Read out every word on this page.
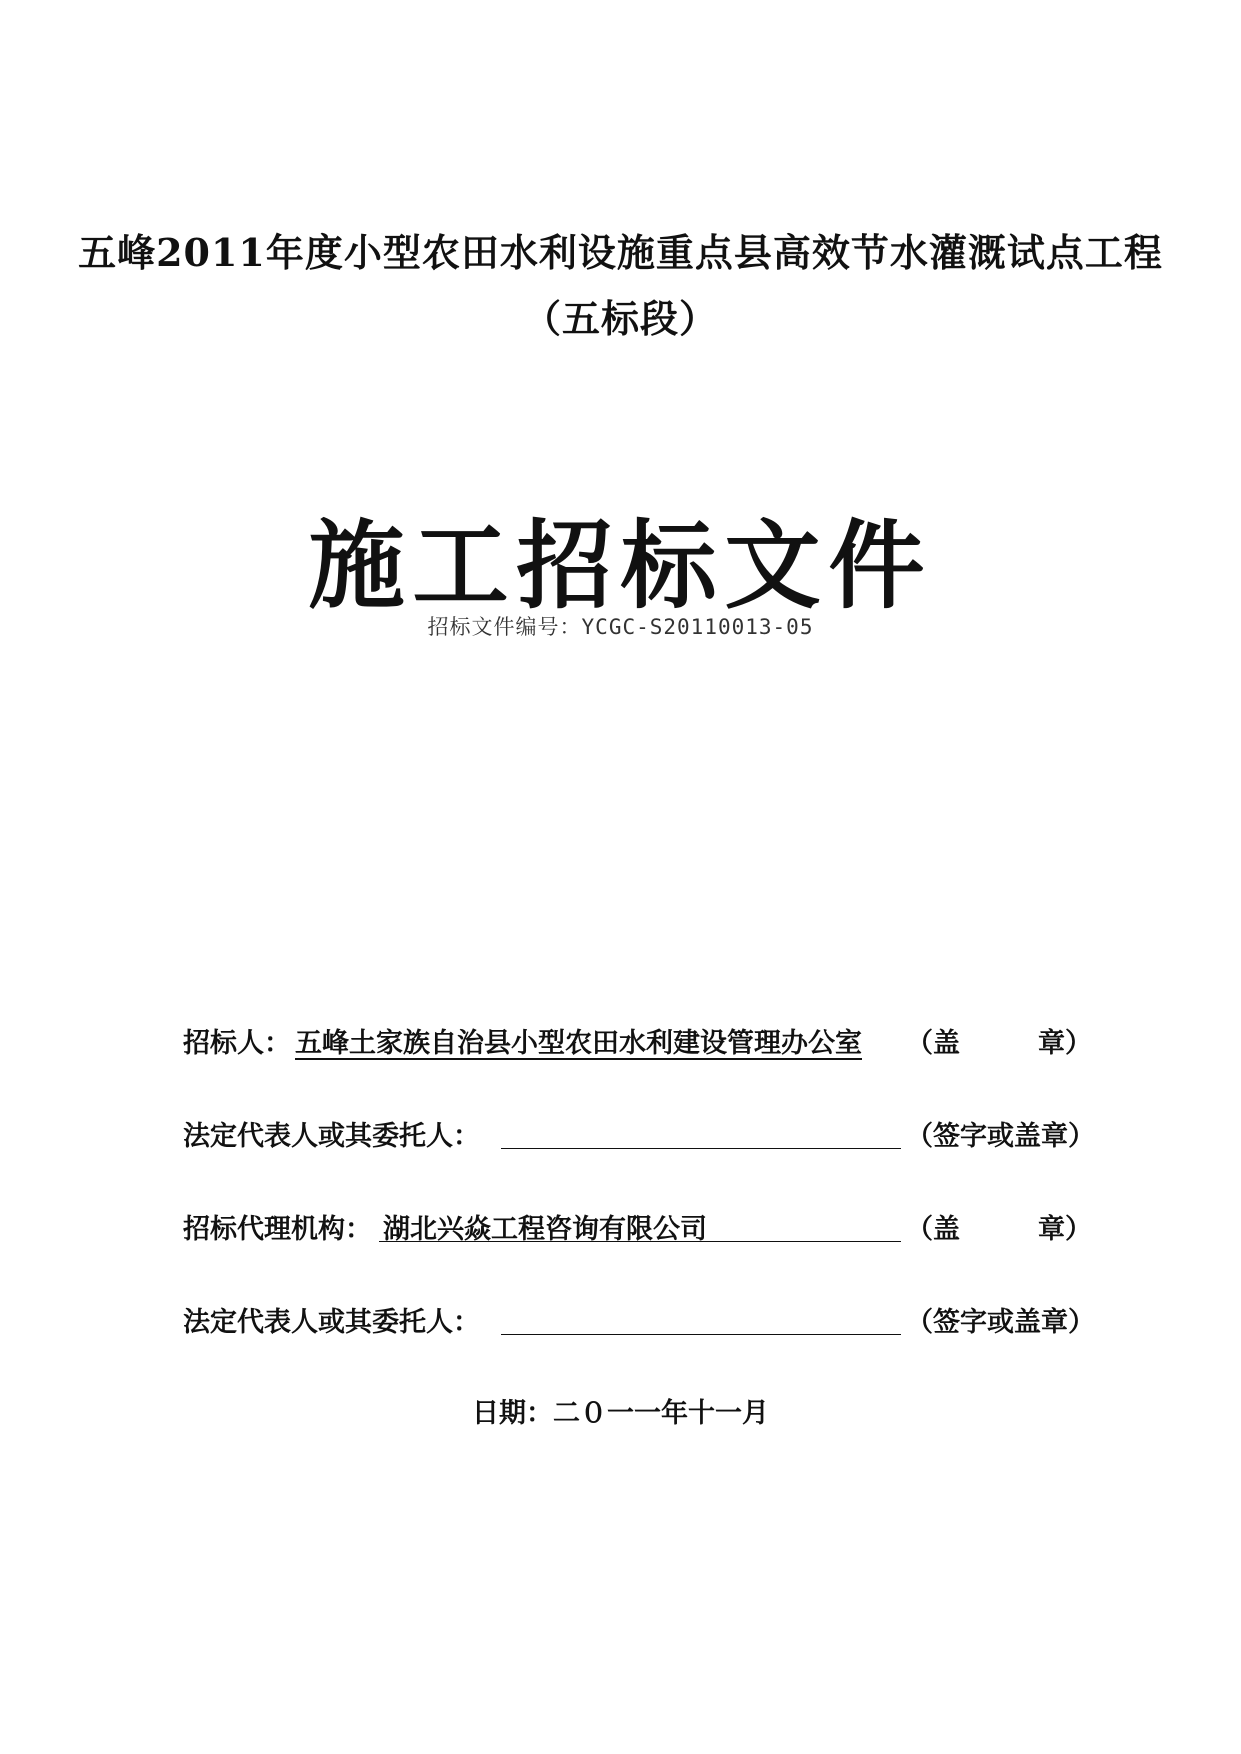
五峰2011年度小型农田水利设施重点县高效节水灌溉试点工程
（五标段）
施工招标文件
招标文件编号：YCGC-S20110013-05
招标人： 五峰土家族自治县小型农田水利建设管理办公室 （盖	章）
法定代表人或其委托人：	（签字或盖章）
招标代理机构： 湖北兴焱工程咨询有限公司	（盖	章）
法定代表人或其委托人：	（签字或盖章）
日期：二０一一年十一月
